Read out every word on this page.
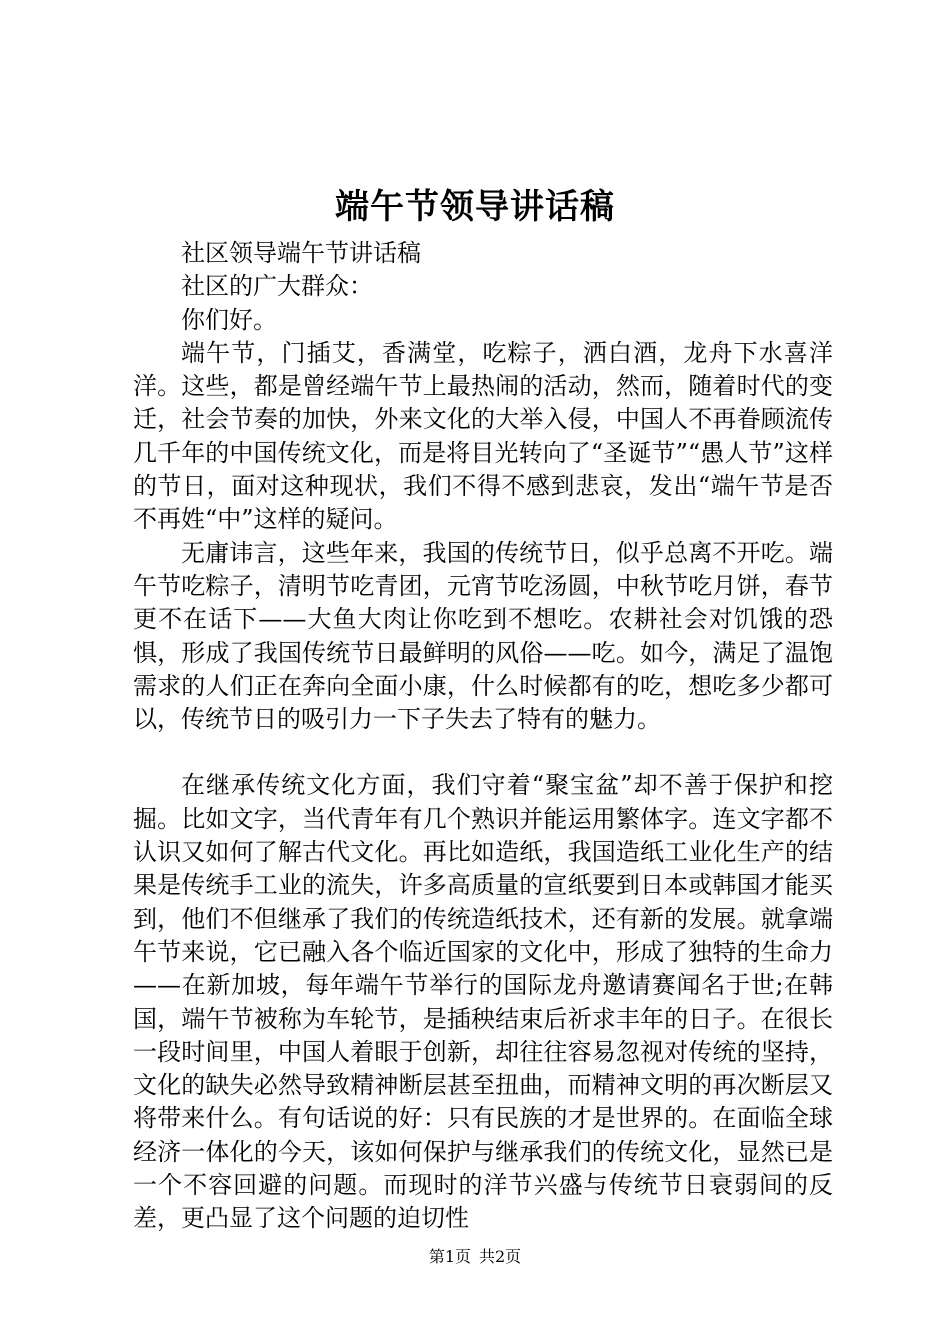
端午节领导讲话稿

社区领导端午节讲话稿

社区的广大群众：

你们好。

端午节，门插艾，香满堂，吃粽子，洒白酒，龙舟下水喜洋洋。这些，都是曾经端午节上最热闹的活动，然而，随着时代的变迁，社会节奏的加快，外来文化的大举入侵，中国人不再眷顾流传几千年的中国传统文化，而是将目光转向了“圣诞节”“愚人节”这样的节日，面对这种现状，我们不得不感到悲哀，发出“端午节是否不再姓“中”这样的疑问。

无庸讳言，这些年来，我国的传统节日，似乎总离不开吃。端午节吃粽子，清明节吃青团，元宵节吃汤圆，中秋节吃月饼，春节更不在话下——大鱼大肉让你吃到不想吃。农耕社会对饥饿的恐惧，形成了我国传统节日最鲜明的风俗——吃。如今，满足了温饱需求的人们正在奔向全面小康，什么时候都有的吃，想吃多少都可以，传统节日的吸引力一下子失去了特有的魅力。

在继承传统文化方面，我们守着“聚宝盆”却不善于保护和挖掘。比如文字，当代青年有几个熟识并能运用繁体字。连文字都不认识又如何了解古代文化。再比如造纸，我国造纸工业化生产的结果是传统手工业的流失，许多高质量的宣纸要到日本或韩国才能买到，他们不但继承了我们的传统造纸技术，还有新的发展。就拿端午节来说，它已融入各个临近国家的文化中，形成了独特的生命力——在新加坡，每年端午节举行的国际龙舟邀请赛闻名于世;在韩国，端午节被称为车轮节，是插秧结束后祈求丰年的日子。在很长一段时间里，中国人着眼于创新，却往往容易忽视对传统的坚持，文化的缺失必然导致精神断层甚至扭曲，而精神文明的再次断层又将带来什么。有句话说的好：只有民族的才是世界的。在面临全球经济一体化的今天，该如何保护与继承我们的传统文化，显然已是一个不容回避的问题。而现时的洋节兴盛与传统节日衰弱间的反差，更凸显了这个问题的迫切性

第1页 共2页
